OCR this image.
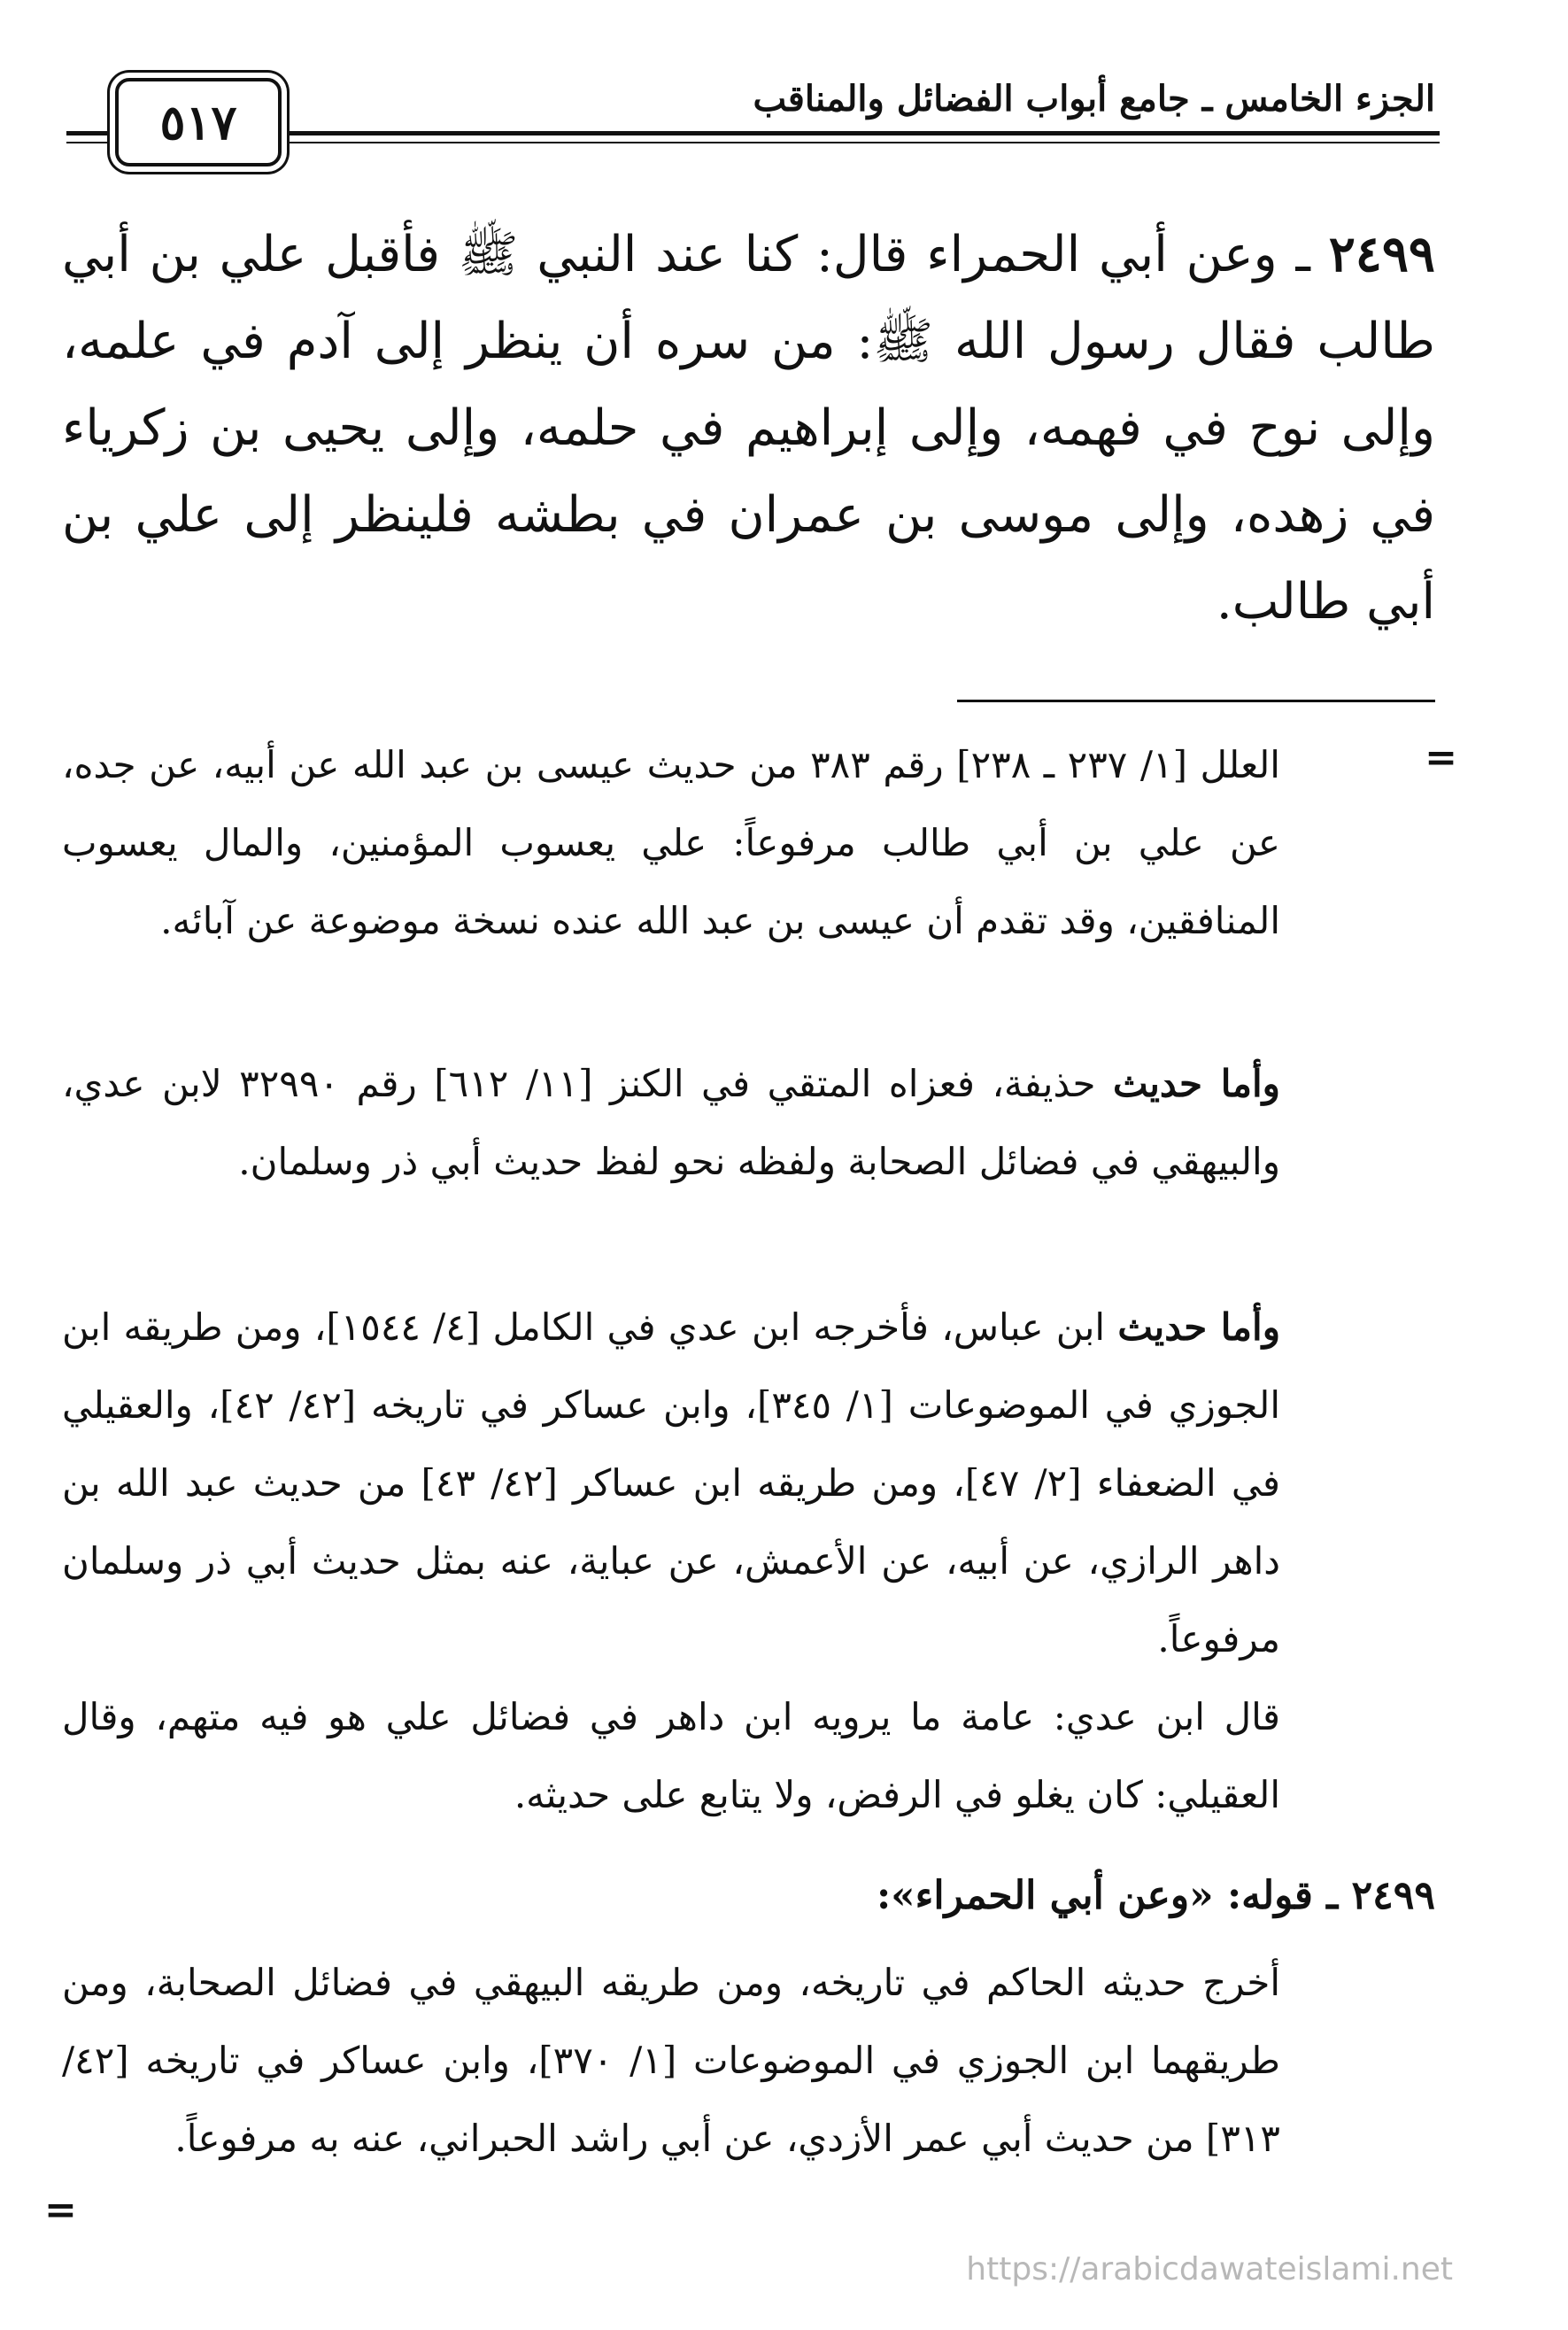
الجزء الخامس ـ جامع أبواب الفضائل والمناقب
٥١٧
٢٤٩٩ ـ وعن أبي الحمراء قال: كنا عند النبي ﷺ فأقبل علي بن أبي طالب فقال رسول الله ﷺ: من سره أن ينظر إلى آدم في علمه، وإلى نوح في فهمه، وإلى إبراهيم في حلمه، وإلى يحيى بن زكرياء في زهده، وإلى موسى بن عمران في بطشه فلينظر إلى علي بن أبي طالب.
=
العلل [١/ ٢٣٧ ـ ٢٣٨] رقم ٣٨٣ من حديث عيسى بن عبد الله عن أبيه، عن جده، عن علي بن أبي طالب مرفوعاً: علي يعسوب المؤمنين، والمال يعسوب المنافقين، وقد تقدم أن عيسى بن عبد الله عنده نسخة موضوعة عن آبائه.
وأما حديث حذيفة، فعزاه المتقي في الكنز [١١/ ٦١٢] رقم ٣٢٩٩٠ لابن عدي، والبيهقي في فضائل الصحابة ولفظه نحو لفظ حديث أبي ذر وسلمان.
وأما حديث ابن عباس، فأخرجه ابن عدي في الكامل [٤/ ١٥٤٤]، ومن طريقه ابن الجوزي في الموضوعات [١/ ٣٤٥]، وابن عساكر في تاريخه [٤٢/ ٤٢]، والعقيلي في الضعفاء [٢/ ٤٧]، ومن طريقه ابن عساكر [٤٢/ ٤٣] من حديث عبد الله بن داهر الرازي، عن أبيه، عن الأعمش، عن عباية، عنه بمثل حديث أبي ذر وسلمان مرفوعاً.
قال ابن عدي: عامة ما يرويه ابن داهر في فضائل علي هو فيه متهم، وقال العقيلي: كان يغلو في الرفض، ولا يتابع على حديثه.
٢٤٩٩ ـ قوله: «وعن أبي الحمراء»:
أخرج حديثه الحاكم في تاريخه، ومن طريقه البيهقي في فضائل الصحابة، ومن طريقهما ابن الجوزي في الموضوعات [١/ ٣٧٠]، وابن عساكر في تاريخه [٤٢/ ٣١٣] من حديث أبي عمر الأزدي، عن أبي راشد الحبراني، عنه به مرفوعاً.
=
https://arabicdawateislami.net
